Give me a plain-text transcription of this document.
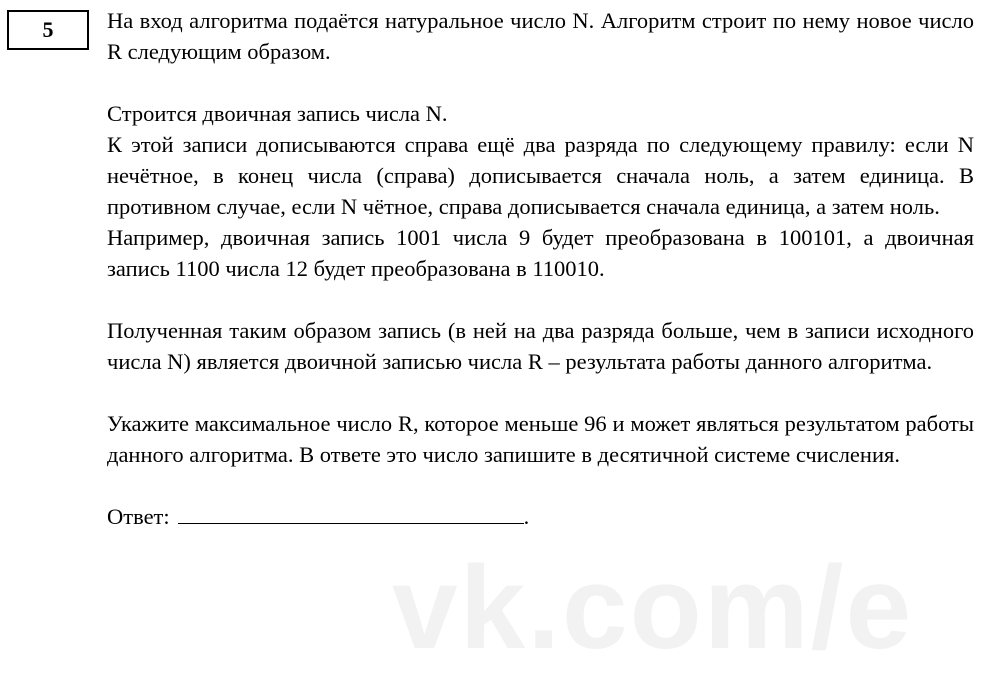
vk.com/e
5 На вход алгоритма подаётся натуральное число N. Алгоритм строит по нему новое число R следующим образом.

Строится двоичная запись числа N.

К этой записи дописываются справа ещё два разряда по следующему правилу: если N нечётное, в конец числа (справа) дописывается сначала ноль, а затем единица. В противном случае, если N чётное, справа дописывается сначала единица, а затем ноль.

Например, двоичная запись 1001 числа 9 будет преобразована в 100101, а двоичная запись 1100 числа 12 будет преобразована в 110010.

Полученная таким образом запись (в ней на два разряда больше, чем в записи исходного числа N) является двоичной записью числа R – результата работы данного алгоритма.

Укажите максимальное число R, которое меньше 96 и может являться результатом работы данного алгоритма. В ответе это число запишите в десятичной системе счисления.

Ответ:	.
